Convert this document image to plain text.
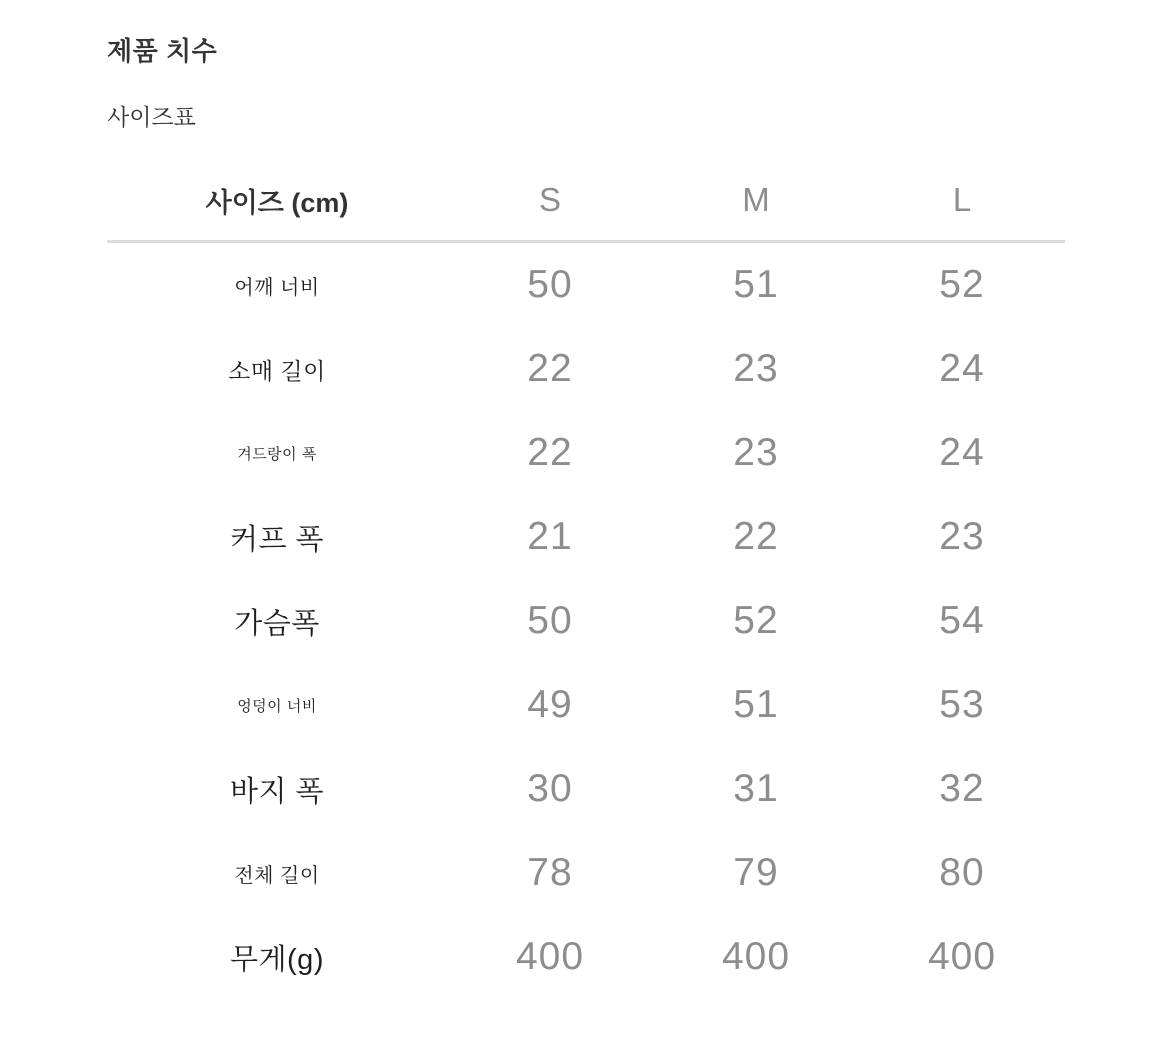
제품 치수
사이즈표
사이즈 (cm)	S	M	L
어깨 너비	50	51	52
소매 길이	22	23	24
겨드랑이 폭	22	23	24
커프 폭	21	22	23
가슴폭	50	52	54
엉덩이 너비	49	51	53
바지 폭	30	31	32
전체 길이	78	79	80
무게(g)	400	400	400
